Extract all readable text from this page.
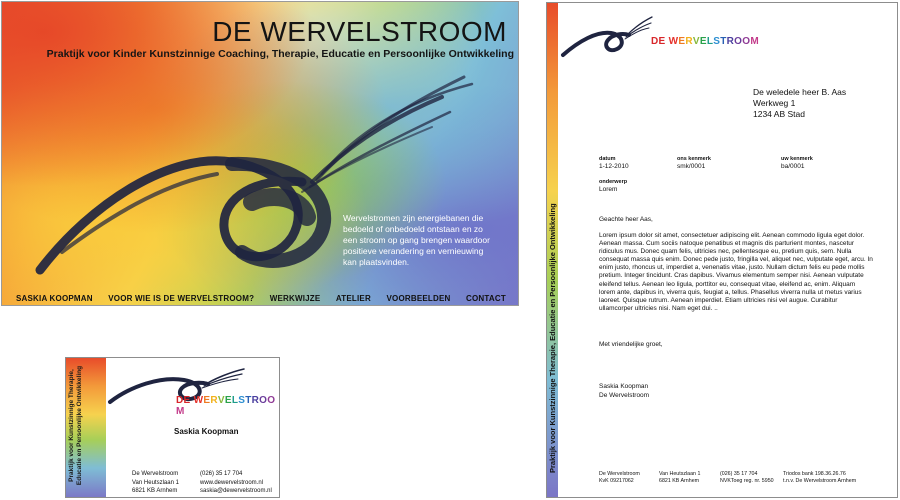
DE WERVELSTROOM
Praktijk voor Kinder Kunstzinnige Coaching, Therapie, Educatie en Persoonlijke Ontwikkeling
Wervelstromen zijn energiebanen die bedoeld of onbedoeld ontstaan en zo een stroom op gang brengen waardoor positieve verandering en vernieuwing kan plaatsvinden.
SASKIA KOOPMAN VOOR WIE IS DE WERVELSTROOM? WERKWIJZE ATELIER VOORBEELDEN CONTACT
Praktijk voor Kunstzinnige Therapie, Educatie en Persoonlijke Ontwikkeling	DE WERVELSTROOM
Saskia Koopman
De Wervelstroom
Van Heutszlaan 1
6821 KB Arnhem
(026) 35 17 704
www.dewervelstroom.nl
saskia@dewervelstroom.nl
Praktijk voor Kunstzinnige Therapie, Educatie en Persoonlijke Ontwikkeling
DE WERVELSTROOM
De weledele heer B. Aas
Werkweg 1
1234 AB Stad
datum
1-12-2010
ons kenmerk
smk/0001
uw kenmerk
ba/0001
onderwerp
Lorem
Geachte heer Aas,
Lorem ipsum dolor sit amet, consectetuer adipiscing elit. Aenean commodo ligula eget dolor. Aenean massa. Cum sociis natoque penatibus et magnis dis parturient montes, nascetur ridiculus mus. Donec quam felis, ultricies nec, pellentesque eu, pretium quis, sem. Nulla consequat massa quis enim. Donec pede justo, fringilla vel, aliquet nec, vulputate eget, arcu. In enim justo, rhoncus ut, imperdiet a, venenatis vitae, justo. Nullam dictum felis eu pede mollis pretium. Integer tincidunt. Cras dapibus. Vivamus elementum semper nisi. Aenean vulputate eleifend tellus. Aenean leo ligula, porttitor eu, consequat vitae, eleifend ac, enim. Aliquam lorem ante, dapibus in, viverra quis, feugiat a, tellus. Phasellus viverra nulla ut metus varius laoreet. Quisque rutrum. Aenean imperdiet. Etiam ultricies nisi vel augue. Curabitur ullamcorper ultricies nisi. Nam eget dui. ..
Met vriendelijke groet,
Saskia Koopman
De Wervelstroom
De Wervelstroom
KvK 09217062
Van Heutszlaan 1
6821 KB Arnhem
(026) 35 17 704
NVKToeg reg. nr. 5950
Triodos bank 198.36.26.76
t.n.v. De Wervelstroom Arnhem
